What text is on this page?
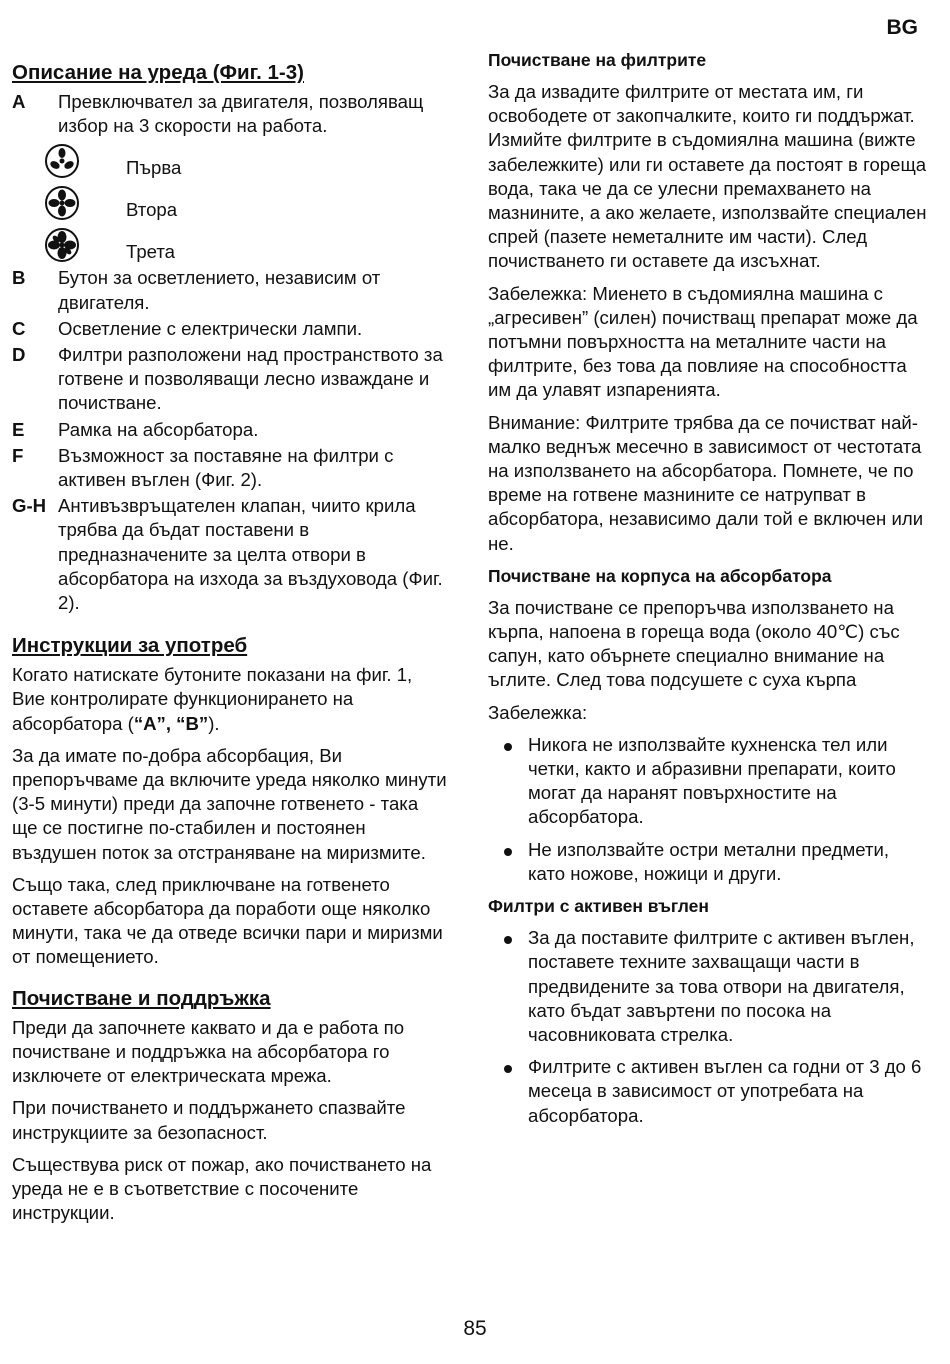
BG
Описание на уреда (Фиг. 1-3)
A	Превключвател за двигателя, позволяващ избор на 3 скорости на работа.
Първа
Втора
Трета
B	Бутон за осветлението, независим от двигателя.
C	Осветление с електрически лампи.
D	Филтри разположени над пространството за готвене и позволяващи лесно изваждане и почистване.
E	Рамка на абсорбатора.
F	Възможност за поставяне на филтри с активен въглен (Фиг. 2).
G-H Антивъзвръщателен клапан, чиито крила трябва да бъдат поставени в предназначените за целта отвори в абсорбатора на изхода за въздуховода (Фиг. 2).
Инструкции за употреб

Когато натискате бутоните показани на фиг. 1, Вие контролирате функционирането на абсорбатора (“A”, “B”).

За да имате по-добра абсорбация, Ви препоръчваме да включите уреда няколко минути (3-5 минути) преди да започне готвенето - така ще се постигне по-стабилен и постоянен въздушен поток за отстраняване на миризмите.

Също така, след приключване на готвенето оставете абсорбатора да поработи още няколко минути, така че да отведе всички пари и миризми от помещението.

Почистване и поддръжка

Преди да започнете каквато и да е работа по почистване и поддръжка на абсорбатора го изключете от електрическата мрежа.

При почистването и поддържането спазвайте инструкциите за безопасност.

Съществува риск от пожар, ако почистването на уреда не е в съответствие с посочените инструкции.

Почистване на филтрите

За да извадите филтрите от местата им, ги освободете от закопчалките, които ги поддържат. Измийте филтрите в съдомиялна машина (вижте забележките) или ги оставете да постоят в гореща вода, така че да се улесни премахването на мазнините, а ако желаете, използвайте специален спрей (пазете неметалните им части). След почистването ги оставете да изсъхнат.

Забележка: Миенето в съдомиялна машина с „агресивен” (силен) почистващ препарат може да потъмни повърхността на металните части на филтрите, без това да повлияе на способността им да улавят изпаренията.

Внимание: Филтрите трябва да се почистват най-малко веднъж месечно в зависимост от честотата на използването на абсорбатора. Помнете, че по време на готвене мазнините се натрупват в абсорбатора, независимо дали той е включен или не.

Почистване на корпуса на абсорбатора

За почистване се препоръчва използването на кърпа, напоена в гореща вода (около 40℃) със сапун, като обърнете специално внимание на ъглите. След това подсушете с суха кърпа

Забележка:

Никога не използвайте кухненска тел или четки, както и абразивни препарати, които могат да наранят повърхностите на абсорбатора.
Не използвайте остри метални предмети, като ножове, ножици и други.
Филтри с активен въглен
За да поставите филтрите с активен въглен, поставете техните захващащи части в предвидените за това отвори на двигателя, като бъдат завъртени по посока на часовниковата стрелка.
Филтрите с активен въглен са годни от 3 до 6 месеца в зависимост от употребата на абсорбатора.
85
